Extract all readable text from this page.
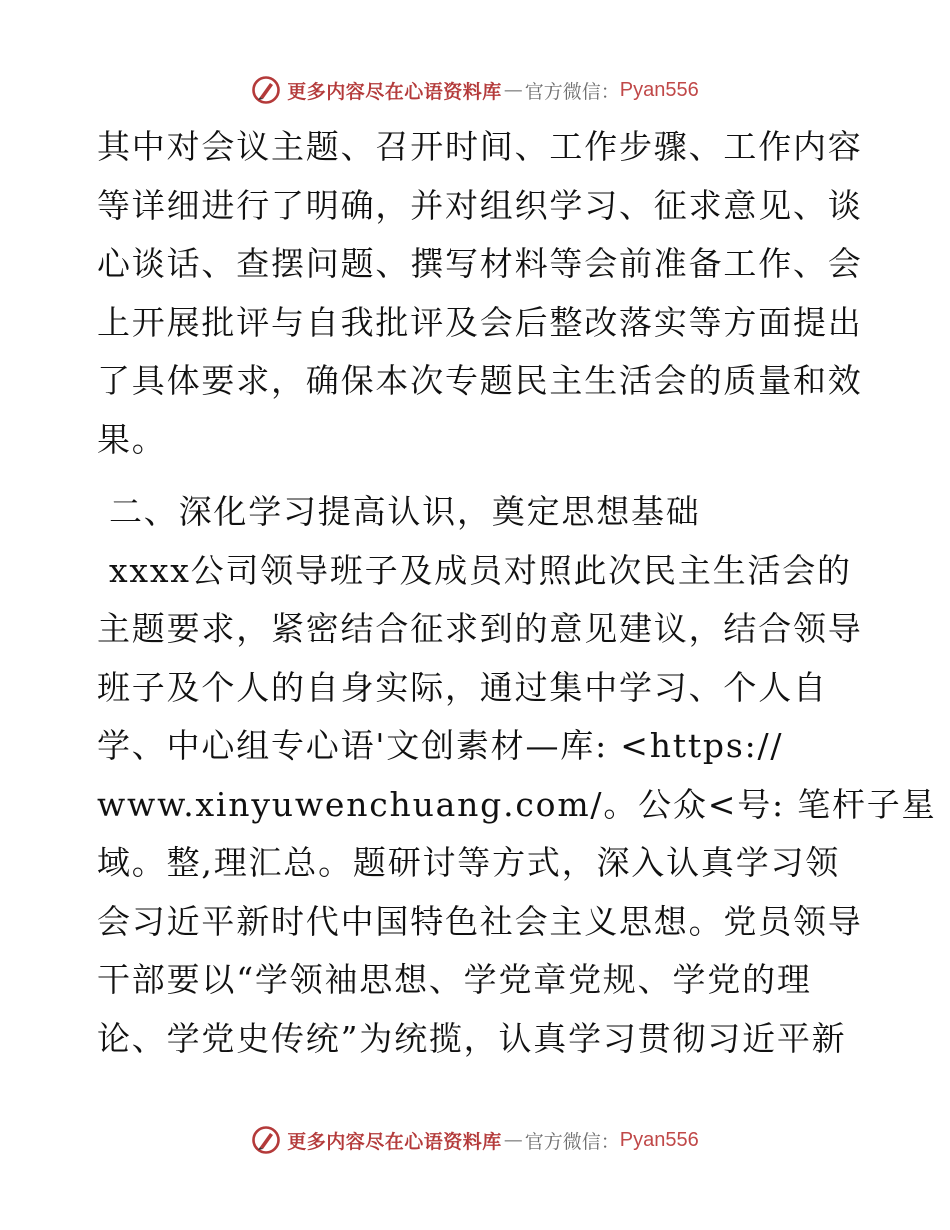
更多内容尽在心语资料库 — 官方微信： Pyan556
其中对会议主题、召开时间、工作步骤、工作内容
等详细进行了明确，并对组织学习、征求意见、谈
心谈话、查摆问题、撰写材料等会前准备工作、会
上开展批评与自我批评及会后整改落实等方面提出
了具体要求，确保本次专题民主生活会的质量和效
果。
二、深化学习提高认识，奠定思想基础
xxxx公司领导班子及成员对照此次民主生活会的
主题要求，紧密结合征求到的意见建议，结合领导
班子及个人的自身实际，通过集中学习、个人自
学、中心组专心语'文创素材—库: <https://
www.xinyuwenchuang.com/。公众<号: 笔杆子星
域。整,理汇总。题研讨等方式，深入认真学习领
会习近平新时代中国特色社会主义思想。党员领导
干部要以“学领袖思想、学党章党规、学党的理
论、学党史传统”为统揽，认真学习贯彻习近平新
更多内容尽在心语资料库 — 官方微信： Pyan556
